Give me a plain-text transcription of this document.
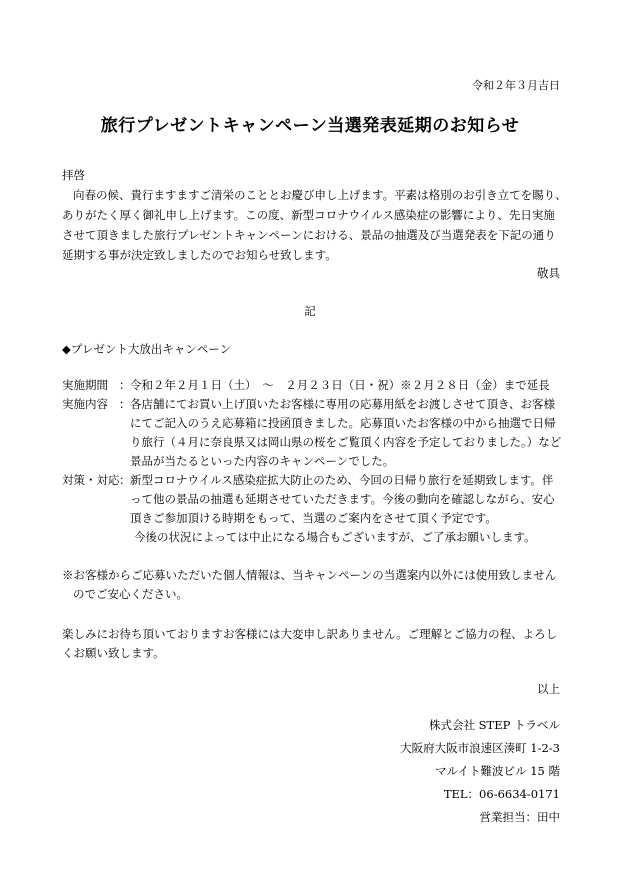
令和２年３月吉日
旅行プレゼントキャンペーン当選発表延期のお知らせ
拝啓
向春の候、貴行ますますご清栄のこととお慶び申し上げます。平素は格別のお引き立てを賜り、
ありがたく厚く御礼申し上げます。この度、新型コロナウイルス感染症の影響により、先日実施
させて頂きました旅行プレゼントキャンペーンにおける、景品の抽選及び当選発表を下記の通り
延期する事が決定致しましたのでお知らせ致します。
敬具
記
◆プレゼント大放出キャンペーン
実施期間 ： 令和２年２月１日（土）　～　２月２３日（日・祝）※２月２８日（金）まで延長
実施内容 ： 各店舗にてお買い上げ頂いたお客様に専用の応募用紙をお渡しさせて頂き、お客様
にてご記入のうえ応募箱に投函頂きました。応募頂いたお客様の中から抽選で日帰
り旅行（４月に奈良県又は岡山県の桜をご覧頂く内容を予定しておりました。）など
景品が当たるといった内容のキャンペーンでした。
対策・対応 ： 新型コロナウイルス感染症拡大防止のため、今回の日帰り旅行を延期致します。伴
って他の景品の抽選も延期させていただきます。今後の動向を確認しながら、安心
頂きご参加頂ける時期をもって、当選のご案内をさせて頂く予定です。
今後の状況によっては中止になる場合もございますが、ご了承お願いします。
※お客様からご応募いただいた個人情報は、当キャンペーンの当選案内以外には使用致しません
のでご安心ください。
楽しみにお待ち頂いておりますお客様には大変申し訳ありません。ご理解とご協力の程、よろし
くお願い致します。
以上
株式会社 STEP トラベル
大阪府大阪市浪速区湊町 1-2-3
マルイト難波ビル 15 階
TEL：06-6634-0171
営業担当：田中
